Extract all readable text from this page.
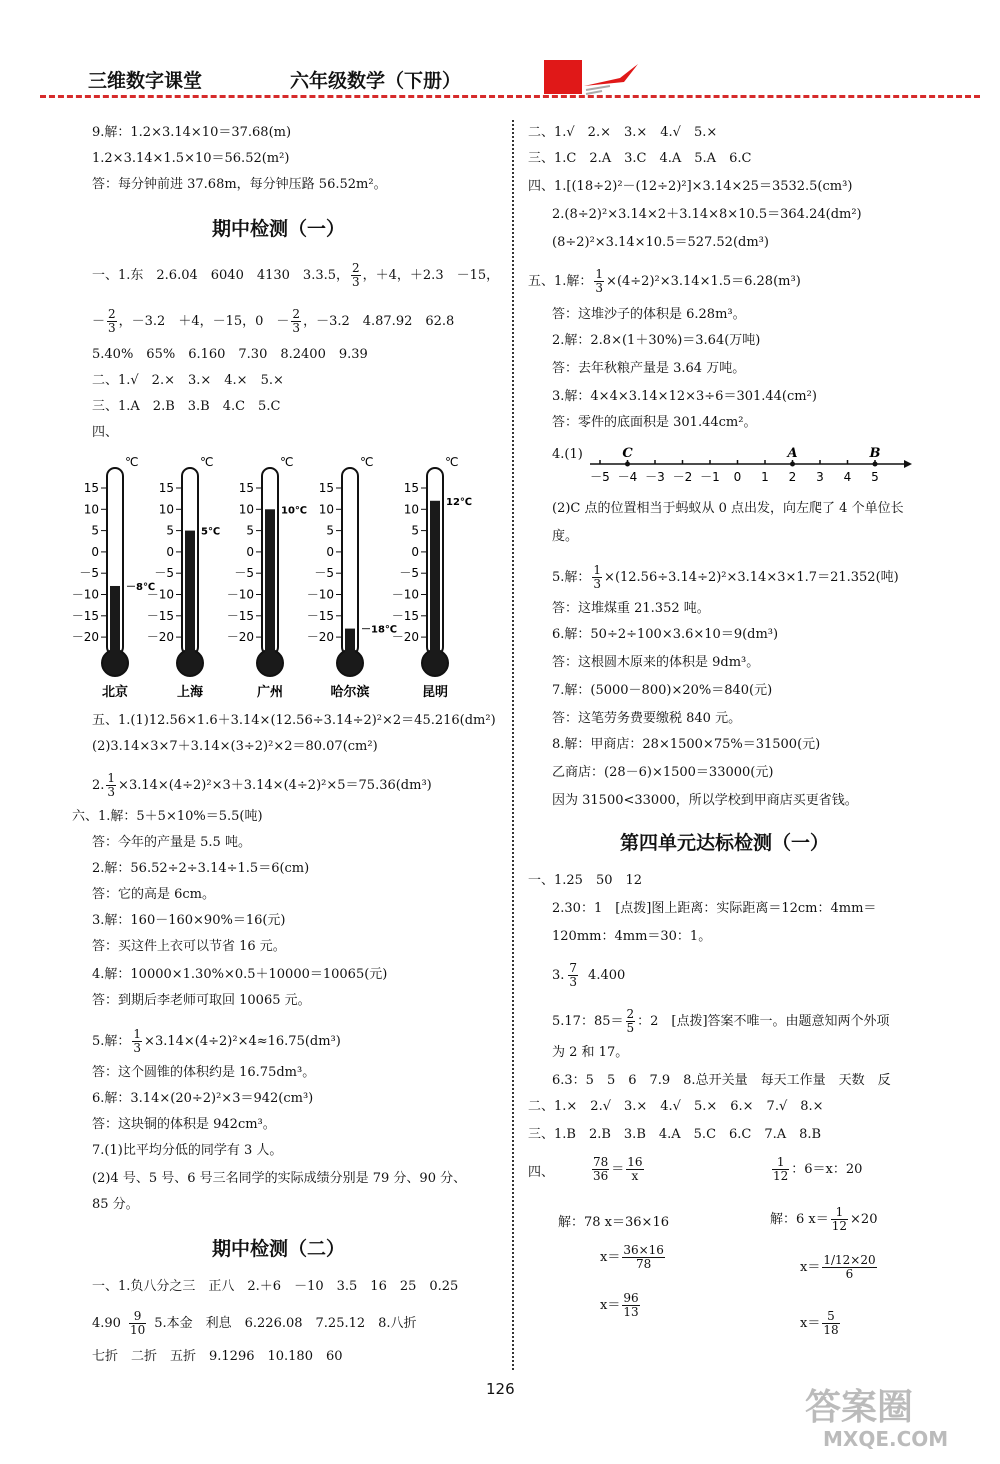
三维数字课堂	六年级数学（下册）
9.解：1.2×3.14×10＝37.68(m)
1.2×3.14×1.5×10＝56.52(m²)
答：每分钟前进 37.68m，每分钟压路 56.52m²。
期中检测（一）
一、1.东　2.6.04　6040　4130　3.3.5， $\frac{2}{3}$ ，＋4，＋2.3　－15，
－ $\frac{2}{3}$ ，－3.2　＋4，－15，0　－ $\frac{2}{3}$ ，－3.2　4.87.92　62.8
5.40%　65%　6.160　7.30　8.2400　9.39
二、1.√　2.×　3.×　4.×　5.×
三、1.A　2.B　3.B　4.C　5.C
四、
℃
15
10
5
0
－5
－10
－15
－20
－8℃
北京
℃
15
10
5
0
－5
－10
－15
－20
5℃
上海
℃
15
10
5
0
－5
－10
－15
－20
10℃
广州
℃
15
10
5
0
－5
－10
－15
－20
－18℃
哈尔滨
℃
15
10
5
0
－5
－10
－15
－20
12℃
昆明
五、1.(1)12.56×1.6＋3.14×(12.56÷3.14÷2)²×2＝45.216(dm²)
(2)3.14×3×7＋3.14×(3÷2)²×2＝80.07(cm²)
2. $\frac{1}{3} \times 3.14\times(4\div 2)^2\times 3+3.14\times(4\div 2)^2\times 5=75.36(dm^3)$
六、1.解：5＋5×10%＝5.5(吨)
答：今年的产量是 5.5 吨。
2.解：56.52÷2÷3.14÷1.5＝6(cm)
答：它的高是 6cm。
3.解：160－160×90%＝16(元)
答：买这件上衣可以节省 16 元。
4.解：10000×1.30%×0.5＋10000＝10065(元)
答：到期后李老师可取回 10065 元。
5.解： $\frac{1}{3} \times 3.14\times(4\div 2)^2\times 4\approx 16.75(dm^3)$
答：这个圆锥的体积约是 16.75dm³。
6.解：3.14×(20÷2)²×3＝942(cm³)
答：这块铜的体积是 942cm³。
7.(1)比平均分低的同学有 3 人。
(2)4 号、5 号、6 号三名同学的实际成绩分别是 79 分、90 分、
85 分。
期中检测（二）
一、1.负八分之三　正八　2.＋6　－10　3.5　16　25　0.25
$4.90 \frac{9}{10} 5$.本金　利息　6.226.08　7.25.12　8.八折
七折　二折　五折　9.1296　10.180　60
二、1.√　2.×　3.×　4.√　5.×
三、1.C　2.A　3.C　4.A　5.A　6.C
四、1.[(18÷2)²－(12÷2)²]×3.14×25＝3532.5(cm³)
2.(8÷2)²×3.14×2＋3.14×8×10.5＝364.24(dm²)
(8÷2)²×3.14×10.5＝527.52(dm³)
五、1.解： $\frac{1}{3} \times(4\div 2)^2\times 3.14\times 1.5=6.28(m^3)$
答：这堆沙子的体积是 6.28m³。
2.解：2.8×(1＋30%)＝3.64(万吨)
答：去年秋粮产量是 3.64 万吨。
3.解：4×4×3.14×12×3÷6＝301.44(cm²)
答：零件的底面积是 301.44cm²。
4.(1)
－5 －4 －3 －2 －1 0 1 2 3 4 5
C	A	B
(2)C 点的位置相当于蚂蚁从 0 点出发，向左爬了 4 个单位长
度。
5.解： $\frac{1}{3} \times(12.56\div 3.14\div 2)^2\times 3.14\times 3\times 1.7=21.352$(吨)
答：这堆煤重 21.352 吨。
6.解：50÷2÷100×3.6×10＝9(dm³)
答：这根圆木原来的体积是 9dm³。
7.解：(5000－800)×20%＝840(元)
答：这笔劳务费要缴税 840 元。
8.解：甲商店：28×1500×75%＝31500(元)
乙商店：(28－6)×1500＝33000(元)
因为 31500<33000，所以学校到甲商店买更省钱。
第四单元达标检测（一）
一、1.25　50　12
2.30：1　[点拨]图上距离：实际距离＝12cm：4mm＝
120mm：4mm＝30：1。
3. $\frac{7}{3} 4.400$
5.17：$85= \frac{2}{5}$ ：2　[点拨]答案不唯一。由题意知两个外项
为 2 和 17。
6.3：5　5　6　7.9　8.总开关量　每天工作量　天数　反
二、1.×　2.√　3.×　4.√　5.×　6.×　7.√　8.×
三、1.B　2.B　3.B　4.A　5.C　6.C　7.A　8.B
四、	$\frac{78}{36} = \frac{16}{x}$	$\frac{1}{12}$ ：6＝x：20
解：78 x＝36×16
$x= \frac{36\times 16}{78}$
$x= \frac{96}{13}$
解：6 $x= \frac{1}{12} \times 20$
$x= \frac{1/12\times 20}{6}$
$x= \frac{5}{18}$
126	答案圈
MXQE.COM
